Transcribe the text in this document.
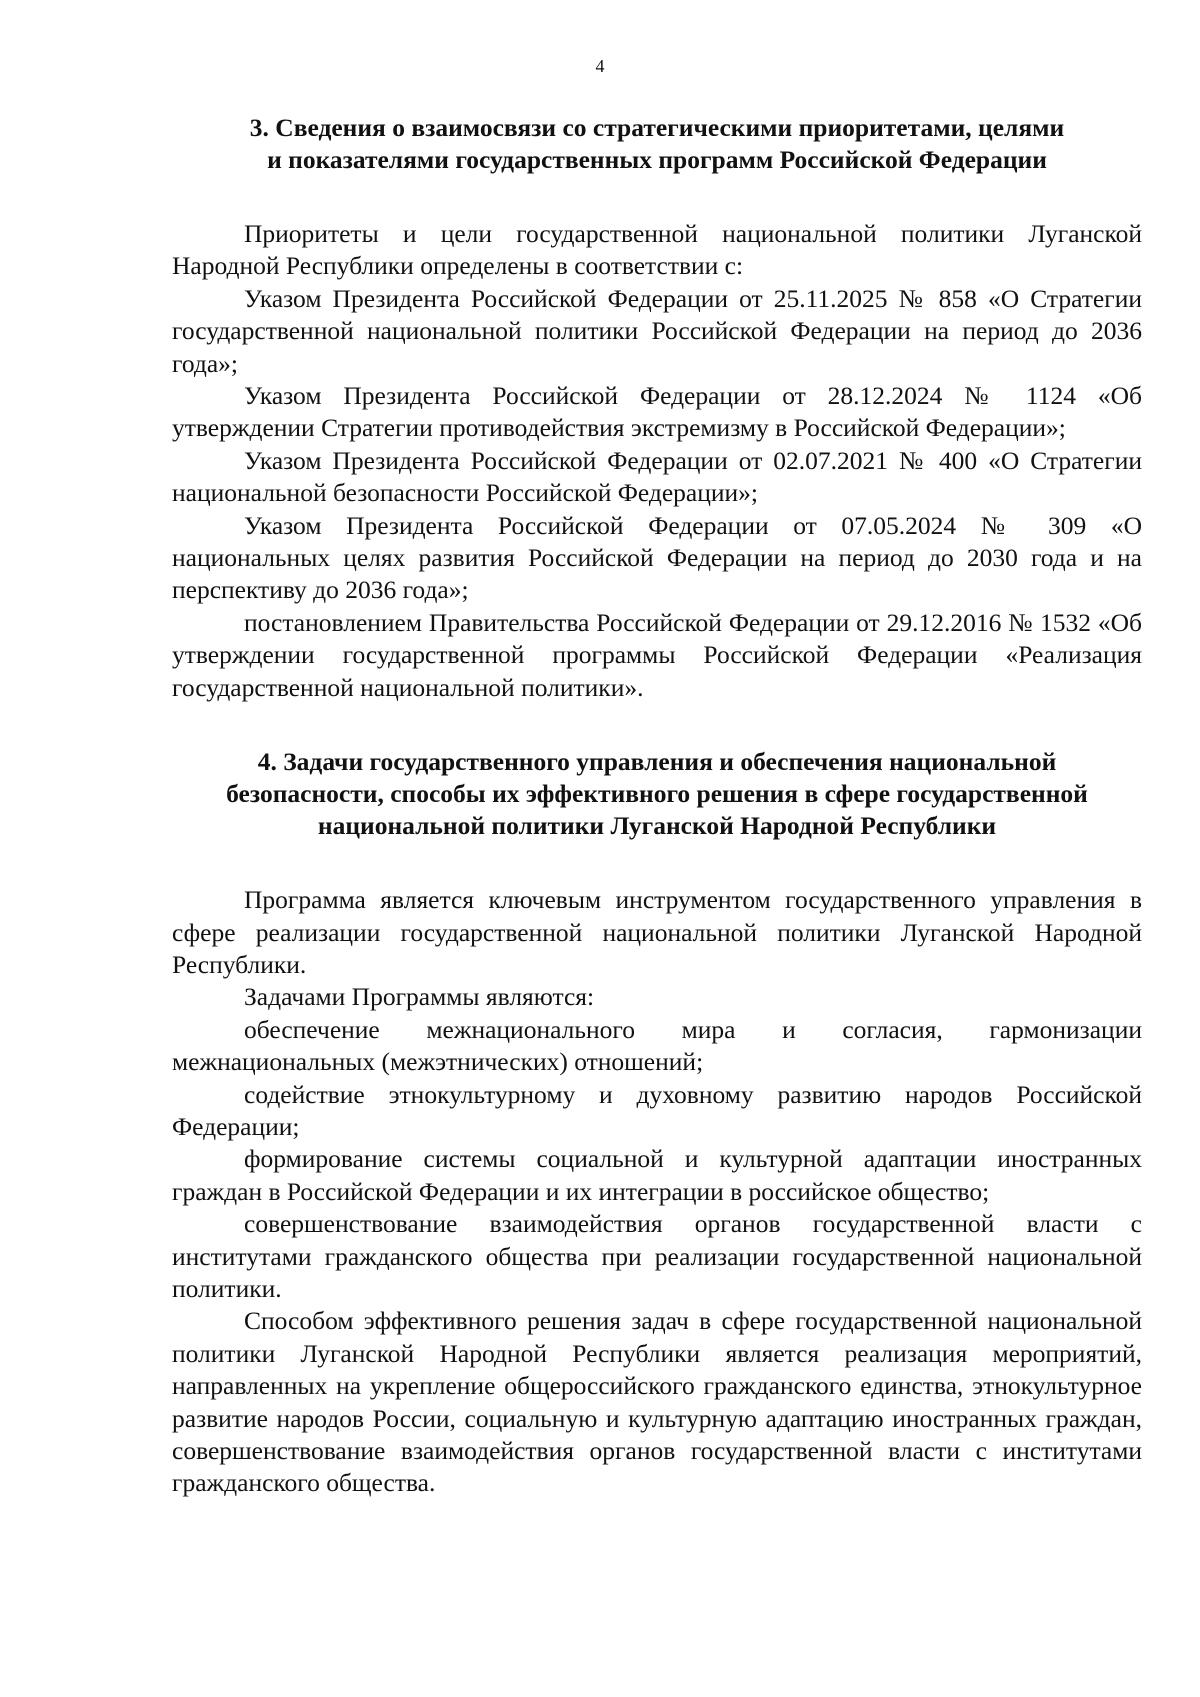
4
3. Сведения о взаимосвязи со стратегическими приоритетами, целями
и показателями государственных программ Российской Федерации

Приоритеты и цели государственной национальной политики Луганской Народной Республики определены в соответствии с:

Указом Президента Российской Федерации от 25.11.2025 № 858 «О Стратегии государственной национальной политики Российской Федерации на период до 2036 года»;

Указом Президента Российской Федерации от 28.12.2024 № 1124 «Об утверждении Стратегии противодействия экстремизму в Российской Федерации»;

Указом Президента Российской Федерации от 02.07.2021 № 400 «О Стратегии национальной безопасности Российской Федерации»;

Указом Президента Российской Федерации от 07.05.2024 № 309 «О национальных целях развития Российской Федерации на период до 2030 года и на перспективу до 2036 года»;

постановлением Правительства Российской Федерации от 29.12.2016 № 1532 «Об утверждении государственной программы Российской Федерации «Реализация государственной национальной политики».

4. Задачи государственного управления и обеспечения национальной
безопасности, способы их эффективного решения в сфере государственной
национальной политики Луганской Народной Республики

Программа является ключевым инструментом государственного управления в сфере реализации государственной национальной политики Луганской Народной Республики.

Задачами Программы являются:

обеспечение межнационального мира и согласия, гармонизации межнациональных (межэтнических) отношений;

содействие этнокультурному и духовному развитию народов Российской Федерации;

формирование системы социальной и культурной адаптации иностранных граждан в Российской Федерации и их интеграции в российское общество;

совершенствование взаимодействия органов государственной власти с институтами гражданского общества при реализации государственной национальной политики.

Способом эффективного решения задач в сфере государственной национальной политики Луганской Народной Республики является реализация мероприятий, направленных на укрепление общероссийского гражданского единства, этнокультурное развитие народов России, социальную и культурную адаптацию иностранных граждан, совершенствование взаимодействия органов государственной власти с институтами гражданского общества.
